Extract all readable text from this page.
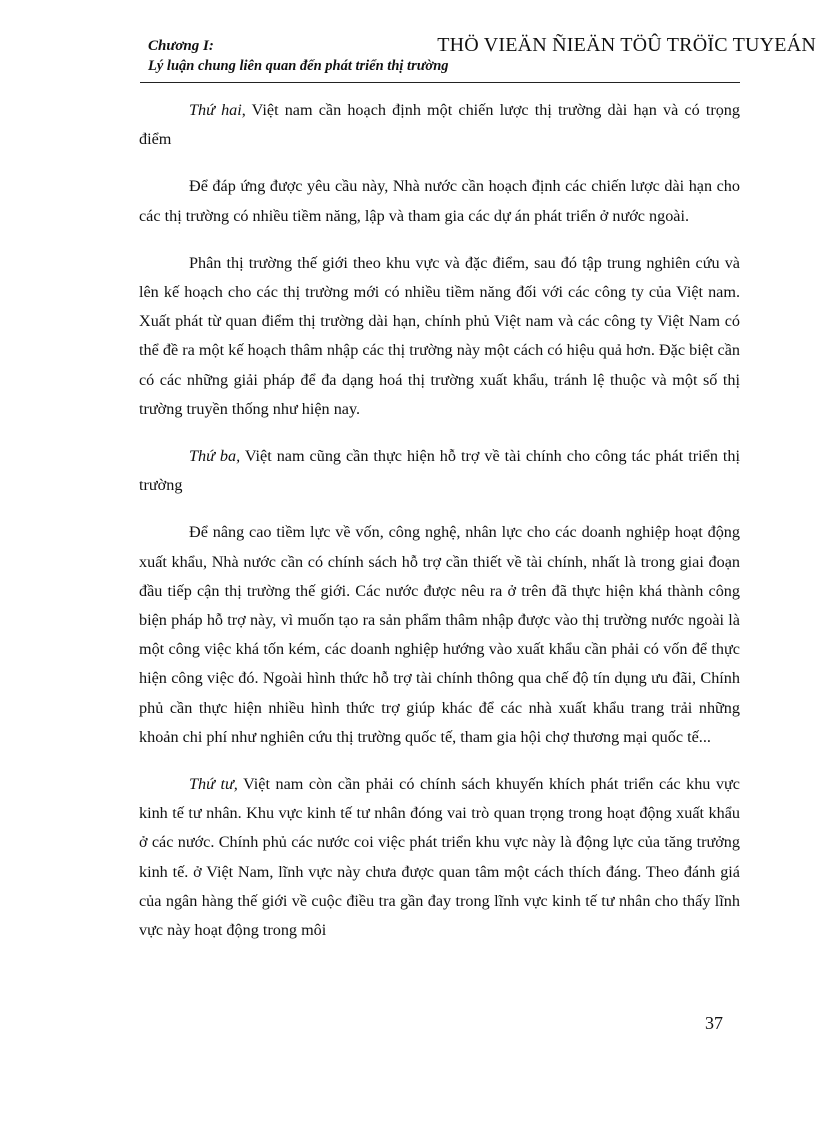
Chương I:
Lý luận chung liên quan đến phát triển thị trường
THÖ VIEÄN ÑIEÄN TÖÛ TRÖÏC TUYEÁN

Thứ hai, Việt nam cần hoạch định một chiến lược thị trường dài hạn và có trọng điểm

Để đáp ứng được yêu cầu này, Nhà nước cần hoạch định các chiến lược dài hạn cho các thị trường có nhiều tiềm năng, lập và tham gia các dự án phát triển ở nước ngoài.

Phân thị trường thế giới theo khu vực và đặc điểm, sau đó tập trung nghiên cứu và lên kế hoạch cho các thị trường mới có nhiều tiềm năng đối với các công ty của Việt nam. Xuất phát từ quan điểm thị trường dài hạn, chính phủ Việt nam và các công ty Việt Nam có thể đề ra một kế hoạch thâm nhập các thị trường này một cách có hiệu quả hơn. Đặc biệt cần có các những giải pháp để đa dạng hoá thị trường xuất khẩu, tránh lệ thuộc và một số thị trường truyền thống như hiện nay.

Thứ ba, Việt nam cũng cần thực hiện hỗ trợ về tài chính cho công tác phát triển thị trường

Để nâng cao tiềm lực về vốn, công nghệ, nhân lực cho các doanh nghiệp hoạt động xuất khẩu, Nhà nước cần có chính sách hỗ trợ cần thiết về tài chính, nhất là trong giai đoạn đầu tiếp cận thị trường thế giới. Các nước được nêu ra ở trên đã thực hiện khá thành công biện pháp hỗ trợ này, vì muốn tạo ra sản phẩm thâm nhập được vào thị trường nước ngoài là một công việc khá tốn kém, các doanh nghiệp hướng vào xuất khẩu cần phải có vốn để thực hiện công việc đó. Ngoài hình thức hỗ trợ tài chính thông qua chế độ tín dụng ưu đãi, Chính phủ cần thực hiện nhiều hình thức trợ giúp khác để các nhà xuất khẩu trang trải những khoản chi phí như nghiên cứu thị trường quốc tế, tham gia hội chợ thương mại quốc tế...

Thứ tư, Việt nam còn cần phải có chính sách khuyến khích phát triển các khu vực kinh tế tư nhân. Khu vực kinh tế tư nhân đóng vai trò quan trọng trong hoạt động xuất khẩu ở các nước. Chính phủ các nước coi việc phát triển khu vực này là động lực của tăng trưởng kinh tế. ở Việt Nam, lĩnh vực này chưa được quan tâm một cách thích đáng. Theo đánh giá của ngân hàng thế giới về cuộc điều tra gần đay trong lĩnh vực kinh tế tư nhân cho thấy lĩnh vực này hoạt động trong môi

37
